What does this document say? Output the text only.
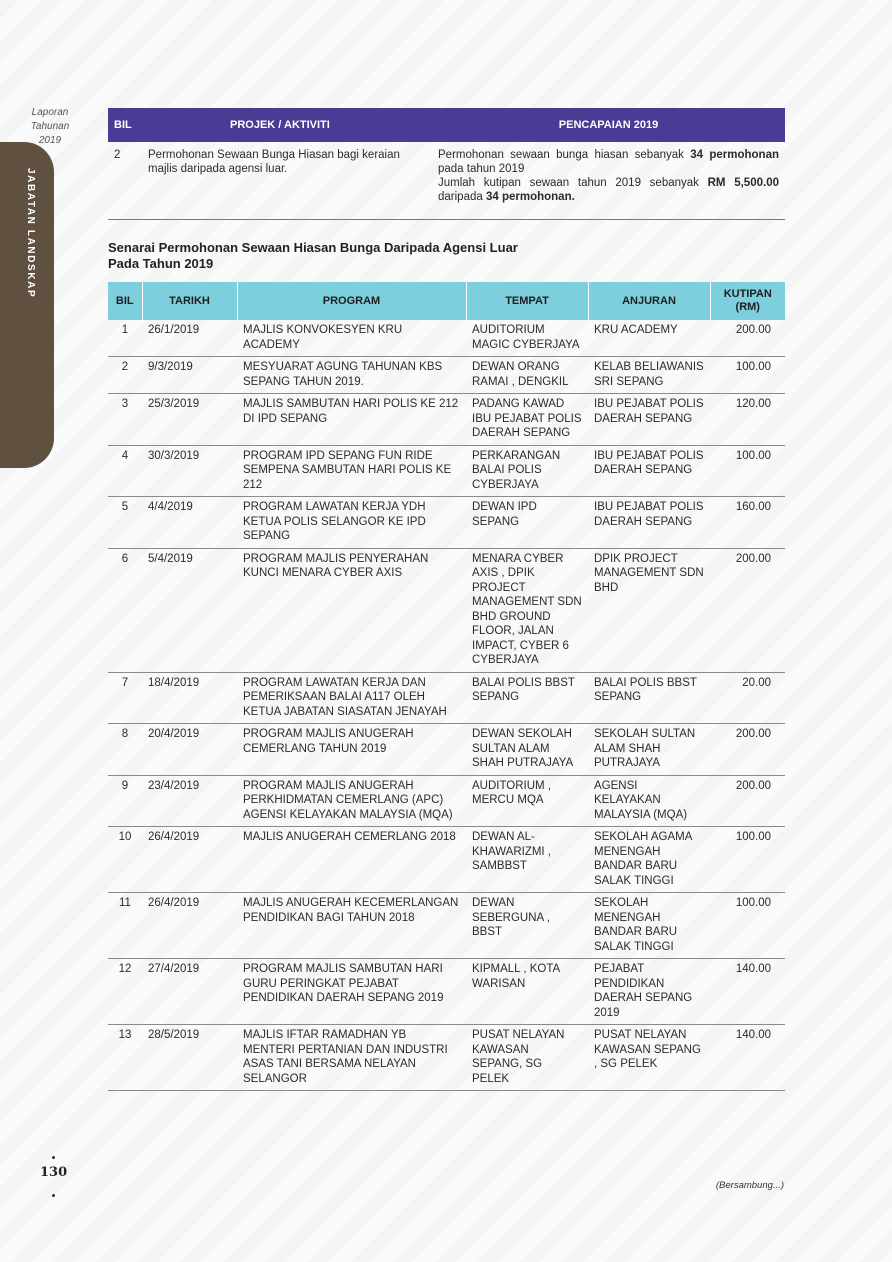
Laporan
Tahunan
2019
JABATAN LANDSKAP
BIL	PROJEK / AKTIVITI	PENCAPAIAN 2019
2	Permohonan Sewaan Bunga Hiasan bagi keraian majlis daripada agensi luar.	Permohonan sewaan bunga hiasan sebanyak 34 permohonan pada tahun 2019
Jumlah kutipan sewaan tahun 2019 sebanyak RM 5,500.00 daripada 34 permohonan.
Senarai Permohonan Sewaan Hiasan Bunga Daripada Agensi Luar
Pada Tahun 2019
BIL	TARIKH	PROGRAM	TEMPAT	ANJURAN	KUTIPAN
(RM)
1	26/1/2019	MAJLIS KONVOKESYEN KRU ACADEMY	AUDITORIUM MAGIC CYBERJAYA	KRU ACADEMY	200.00
2	9/3/2019	MESYUARAT AGUNG TAHUNAN KBS SEPANG TAHUN 2019.	DEWAN ORANG RAMAI , DENGKIL	KELAB BELIAWANIS SRI SEPANG	100.00
3	25/3/2019	MAJLIS SAMBUTAN HARI POLIS KE 212 DI IPD SEPANG	PADANG KAWAD IBU PEJABAT POLIS DAERAH SEPANG	IBU PEJABAT POLIS DAERAH SEPANG	120.00
4	30/3/2019	PROGRAM IPD SEPANG FUN RIDE SEMPENA SAMBUTAN HARI POLIS KE 212	PERKARANGAN BALAI POLIS CYBERJAYA	IBU PEJABAT POLIS DAERAH SEPANG	100.00
5	4/4/2019	PROGRAM LAWATAN KERJA YDH KETUA POLIS SELANGOR KE IPD SEPANG	DEWAN IPD SEPANG	IBU PEJABAT POLIS DAERAH SEPANG	160.00
6	5/4/2019	PROGRAM MAJLIS PENYERAHAN KUNCI MENARA CYBER AXIS	MENARA CYBER AXIS , DPIK PROJECT MANAGEMENT SDN BHD GROUND FLOOR, JALAN IMPACT, CYBER 6 CYBERJAYA	DPIK PROJECT MANAGEMENT SDN BHD	200.00
7	18/4/2019	PROGRAM LAWATAN KERJA DAN PEMERIKSAAN BALAI A117 OLEH KETUA JABATAN SIASATAN JENAYAH	BALAI POLIS BBST SEPANG	BALAI POLIS BBST SEPANG	20.00
8	20/4/2019	PROGRAM MAJLIS ANUGERAH CEMERLANG TAHUN 2019	DEWAN SEKOLAH SULTAN ALAM SHAH PUTRAJAYA	SEKOLAH SULTAN ALAM SHAH PUTRAJAYA	200.00
9	23/4/2019	PROGRAM MAJLIS ANUGERAH PERKHIDMATAN CEMERLANG (APC) AGENSI KELAYAKAN MALAYSIA (MQA)	AUDITORIUM , MERCU MQA	AGENSI KELAYAKAN MALAYSIA (MQA)	200.00
10	26/4/2019	MAJLIS ANUGERAH CEMERLANG 2018	DEWAN AL-KHAWARIZMI , SAMBBST	SEKOLAH AGAMA MENENGAH BANDAR BARU SALAK TINGGI	100.00
11	26/4/2019	MAJLIS ANUGERAH KECEMERLANGAN PENDIDIKAN BAGI TAHUN 2018	DEWAN SEBERGUNA , BBST	SEKOLAH MENENGAH BANDAR BARU SALAK TINGGI	100.00
12	27/4/2019	PROGRAM MAJLIS SAMBUTAN HARI GURU PERINGKAT PEJABAT PENDIDIKAN DAERAH SEPANG 2019	KIPMALL , KOTA WARISAN	PEJABAT PENDIDIKAN DAERAH SEPANG 2019	140.00
13	28/5/2019	MAJLIS IFTAR RAMADHAN YB MENTERI PERTANIAN DAN INDUSTRI ASAS TANI BERSAMA NELAYAN SELANGOR	PUSAT NELAYAN KAWASAN SEPANG, SG PELEK	PUSAT NELAYAN KAWASAN SEPANG , SG PELEK	140.00
130
(Bersambung...)
